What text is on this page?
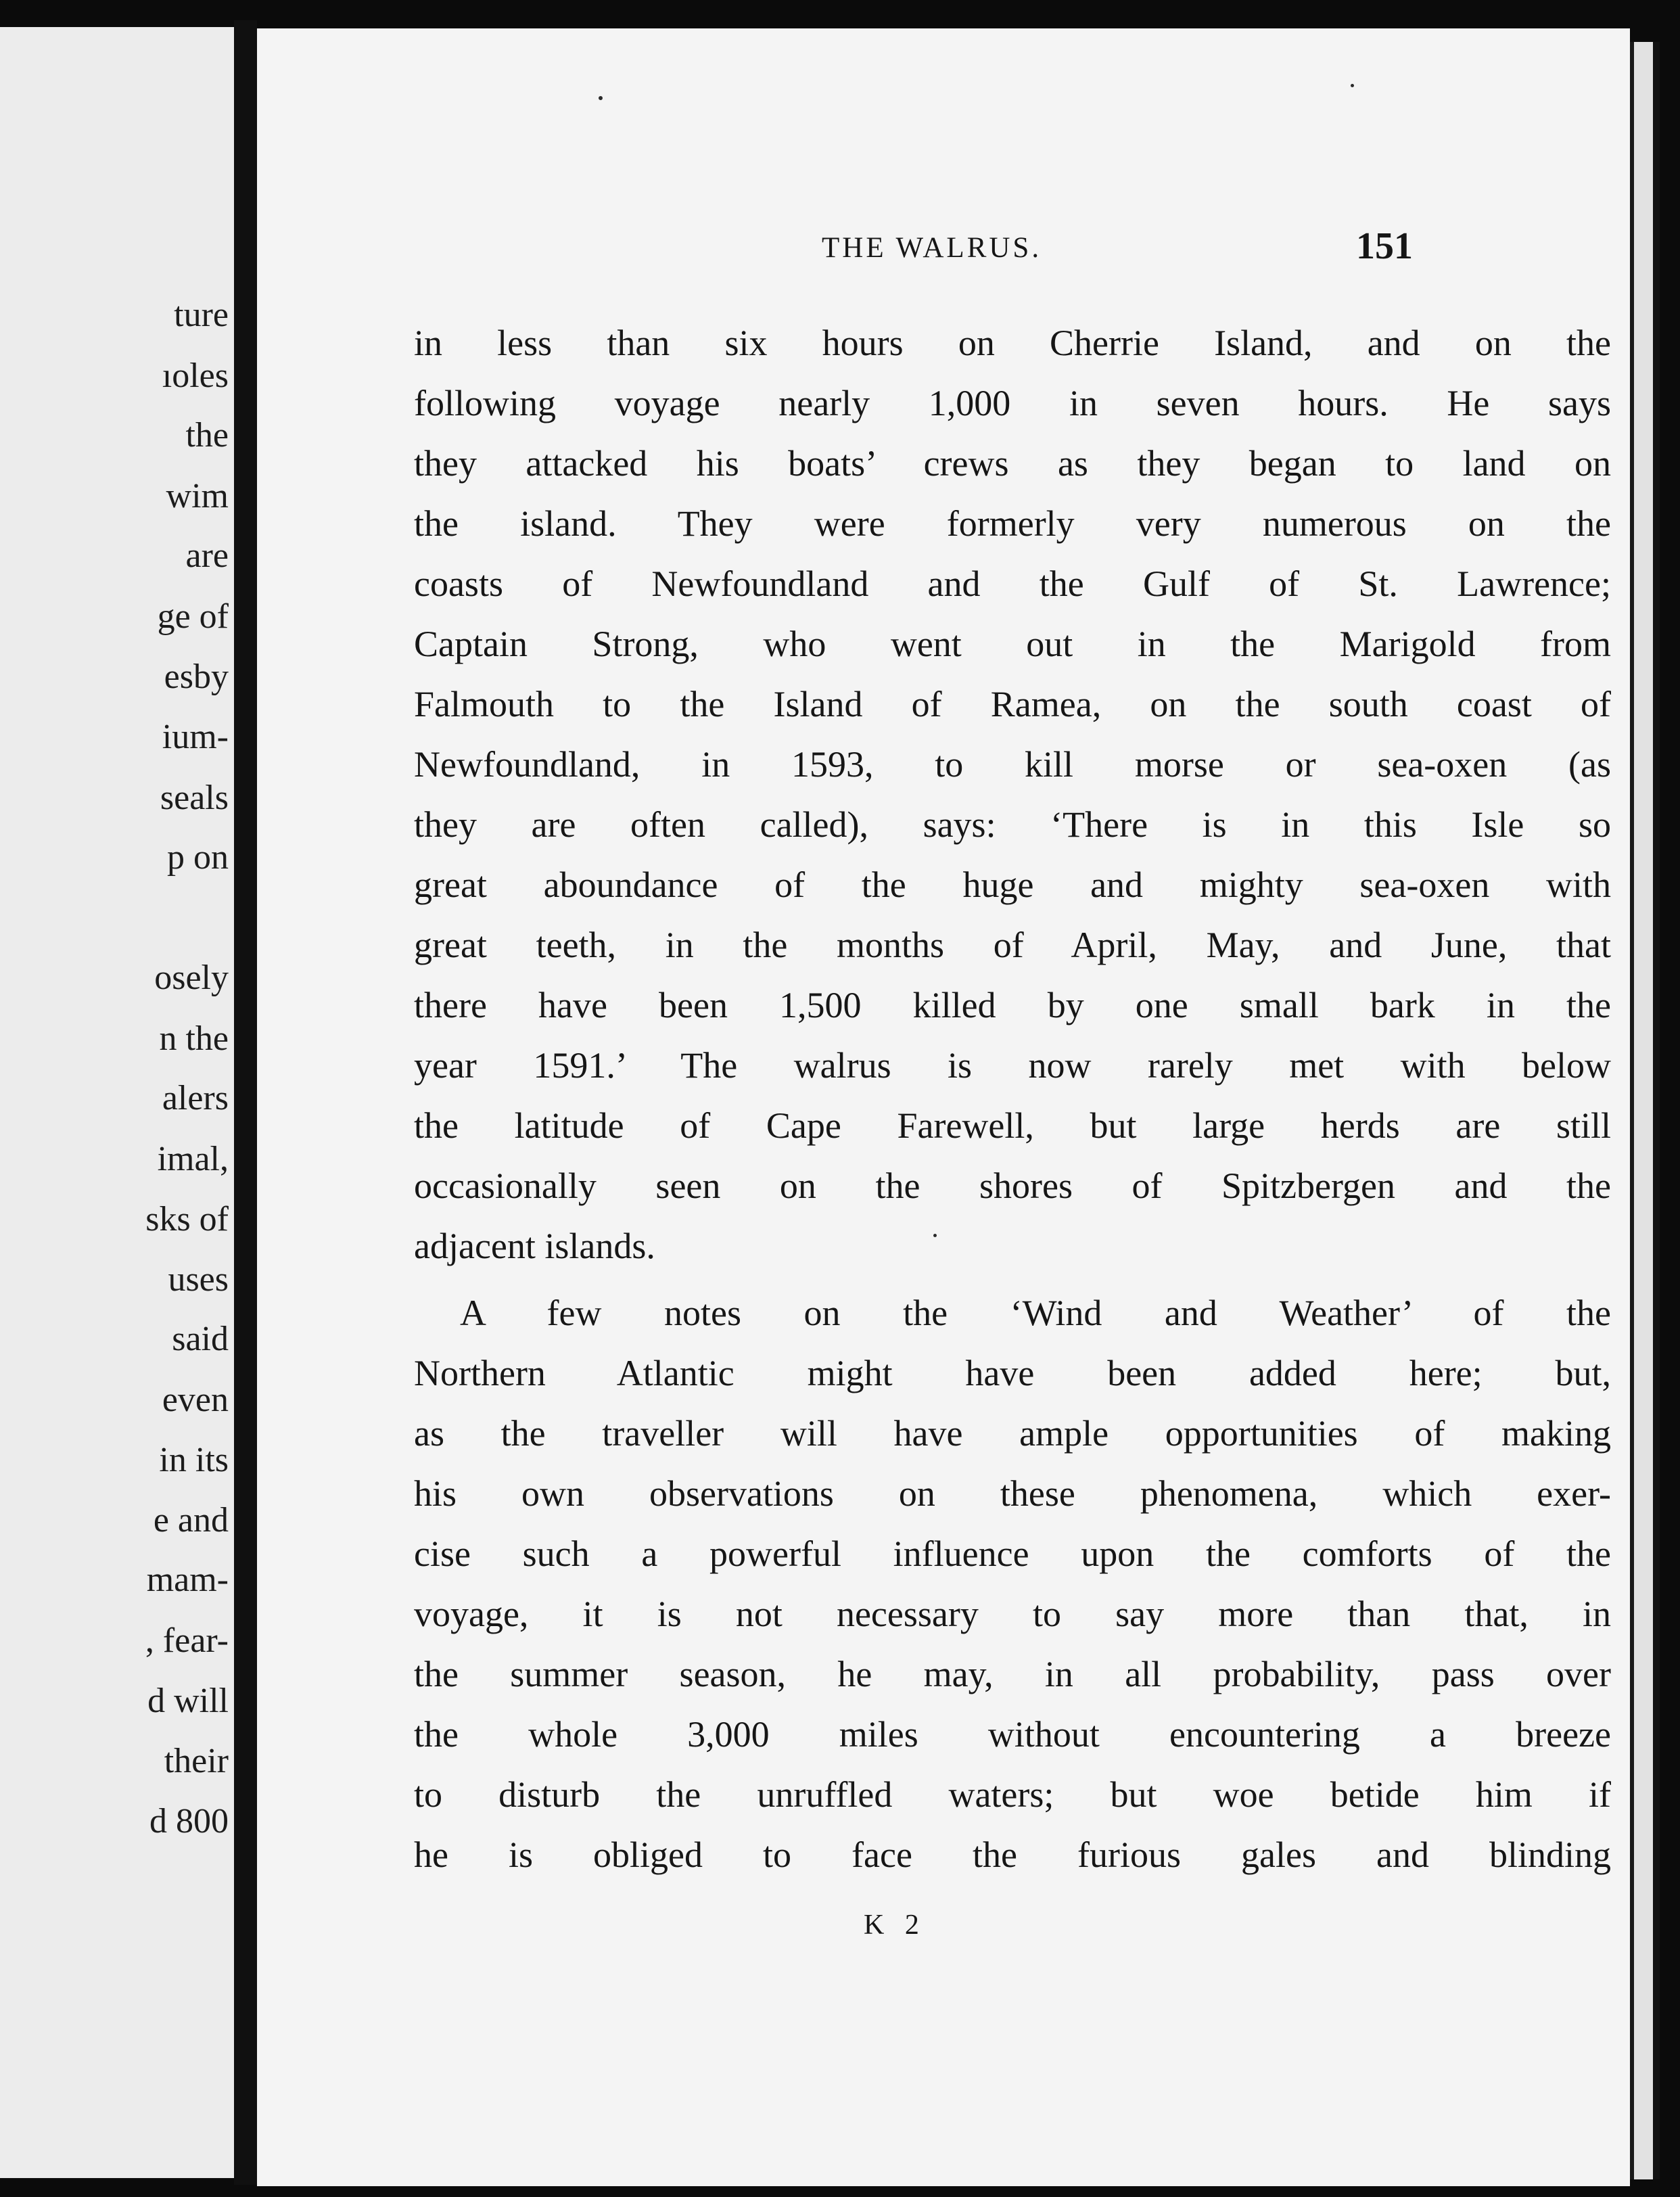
ture
ıoles
the
wim
are
ge of
esby
ium-
seals
p on
osely
n the
alers
imal,
sks of
uses
said
even
in its
e and
mam-
, fear-
d will
their
d 800
THE WALRUS.	151
in less than six hours on Cherrie Island, and on the
following voyage nearly 1,000 in seven hours. He says
they attacked his boats’ crews as they began to land on
the island. They were formerly very numerous on the
coasts of Newfoundland and the Gulf of St. Lawrence;
Captain Strong, who went out in the Marigold from
Falmouth to the Island of Ramea, on the south coast of
Newfoundland, in 1593, to kill morse or sea-oxen (as
they are often called), says: ‘There is in this Isle so
great aboundance of the huge and mighty sea-oxen with
great teeth, in the months of April, May, and June, that
there have been 1,500 killed by one small bark in the
year 1591.’ The walrus is now rarely met with below
the latitude of Cape Farewell, but large herds are still
occasionally seen on the shores of Spitzbergen and the
adjacent islands.
A few notes on the ‘Wind and Weather’ of the
Northern Atlantic might have been added here; but,
as the traveller will have ample opportunities of making
his own observations on these phenomena, which exer-
cise such a powerful influence upon the comforts of the
voyage, it is not necessary to say more than that, in
the summer season, he may, in all probability, pass over
the whole 3,000 miles without encountering a breeze
to disturb the unruffled waters; but woe betide him if
he is obliged to face the furious gales and blinding
K 2
